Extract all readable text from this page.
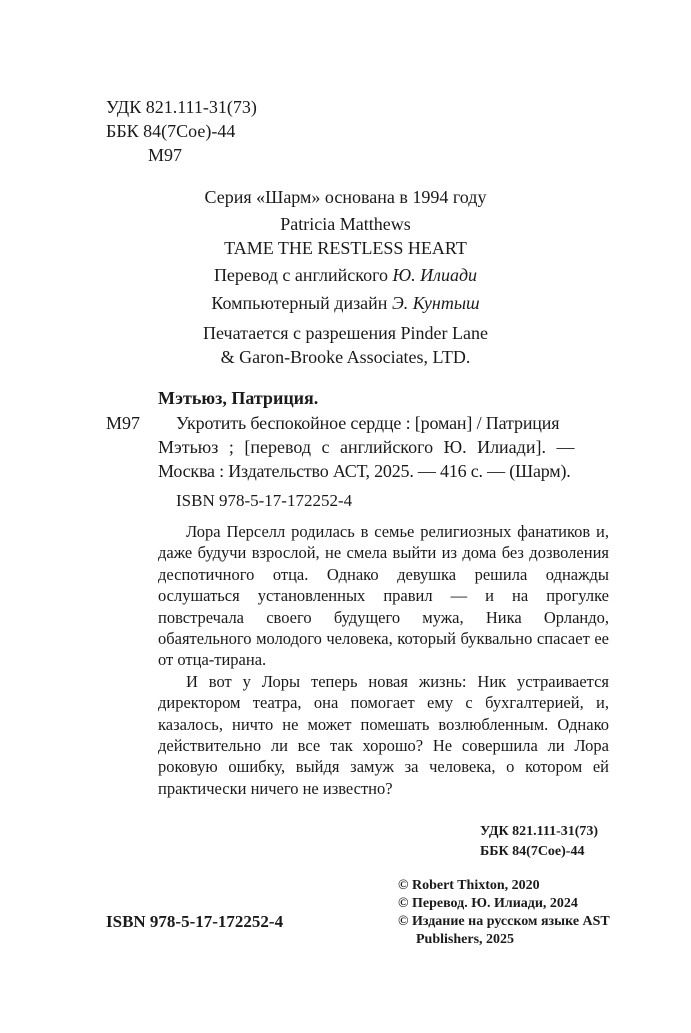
УДК 821.111-31(73)
ББК 84(7Сое)-44
М97
Серия «Шарм» основана в 1994 году
Patricia Matthews
TAME THE RESTLESS HEART
Перевод с английского Ю. Илиади
Компьютерный дизайн Э. Кунтыш
Печатается с разрешения Pinder Lane
& Garon-Brooke Associates, LTD.
Мэтьюз, Патриция.
М97 Укротить беспокойное сердце : [роман] / Патриция
Мэтьюз ; [перевод с английского Ю. Илиади]. —
Москва : Издательство АСТ, 2025. — 416 с. — (Шарм).
ISBN 978-5-17-172252-4

Лора Перселл родилась в семье религиозных фанатиков и, даже будучи взрослой, не смела выйти из дома без дозволения деспотичного отца. Однако девушка решила однажды ослушаться установленных правил — и на прогулке повстречала своего будущего мужа, Ника Орландо, обаятельного молодого человека, который буквально спасает ее от отца-тирана.

И вот у Лоры теперь новая жизнь: Ник устраивается директором театра, она помогает ему с бухгалтерией, и, казалось, ничто не может помешать возлюбленным. Однако действительно ли все так хорошо? Не совершила ли Лора роковую ошибку, выйдя замуж за человека, о котором ей практически ничего не известно?

УДК 821.111-31(73)
ББК 84(7Сое)-44
© Robert Thixton, 2020
© Перевод. Ю. Илиади, 2024
© Издание на русском языке AST
Publishers, 2025
ISBN 978-5-17-172252-4
